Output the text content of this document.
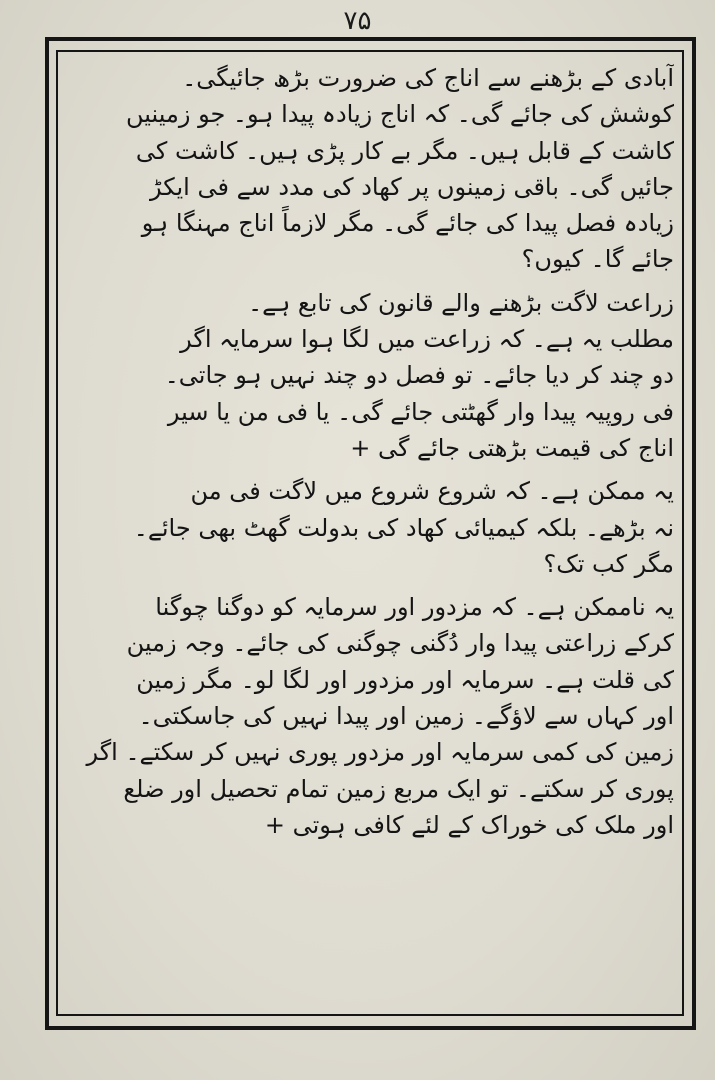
۷۵
آبادی کے بڑھنے سے اناج کی ضرورت بڑھ جائیگی۔
کوشش کی جائے گی۔ کہ اناج زیادہ پیدا ہو۔ جو زمینیں
کاشت کے قابل ہیں۔ مگر بے کار پڑی ہیں۔ کاشت کی
جائیں گی۔ باقی زمینوں پر کھاد کی مدد سے فی ایکڑ
زیادہ فصل پیدا کی جائے گی۔ مگر لازماً اناج مہنگا ہو
جائے گا۔ کیوں؟
زراعت لاگت بڑھنے والے قانون کی تابع ہے۔
مطلب یہ ہے۔ کہ زراعت میں لگا ہوا سرمایہ اگر
دو چند کر دیا جائے۔ تو فصل دو چند نہیں ہو جاتی۔
فی روپیہ پیدا وار گھٹتی جائے گی۔ یا فی من یا سیر
اناج کی قیمت بڑھتی جائے گی +
یہ ممکن ہے۔ کہ شروع شروع میں لاگت فی من
نہ بڑھے۔ بلکہ کیمیائی کھاد کی بدولت گھٹ بھی جائے۔
مگر کب تک؟
یہ ناممکن ہے۔ کہ مزدور اور سرمایہ کو دوگنا چوگنا
کرکے زراعتی پیدا وار دُگنی چوگنی کی جائے۔ وجہ زمین
کی قلت ہے۔ سرمایہ اور مزدور اور لگا لو۔ مگر زمین
اور کہاں سے لاؤگے۔ زمین اور پیدا نہیں کی جاسکتی۔
زمین کی کمی سرمایہ اور مزدور پوری نہیں کر سکتے۔ اگر
پوری کر سکتے۔ تو ایک مربع زمین تمام تحصیل اور ضلع
اور ملک کی خوراک کے لئے کافی ہوتی +
